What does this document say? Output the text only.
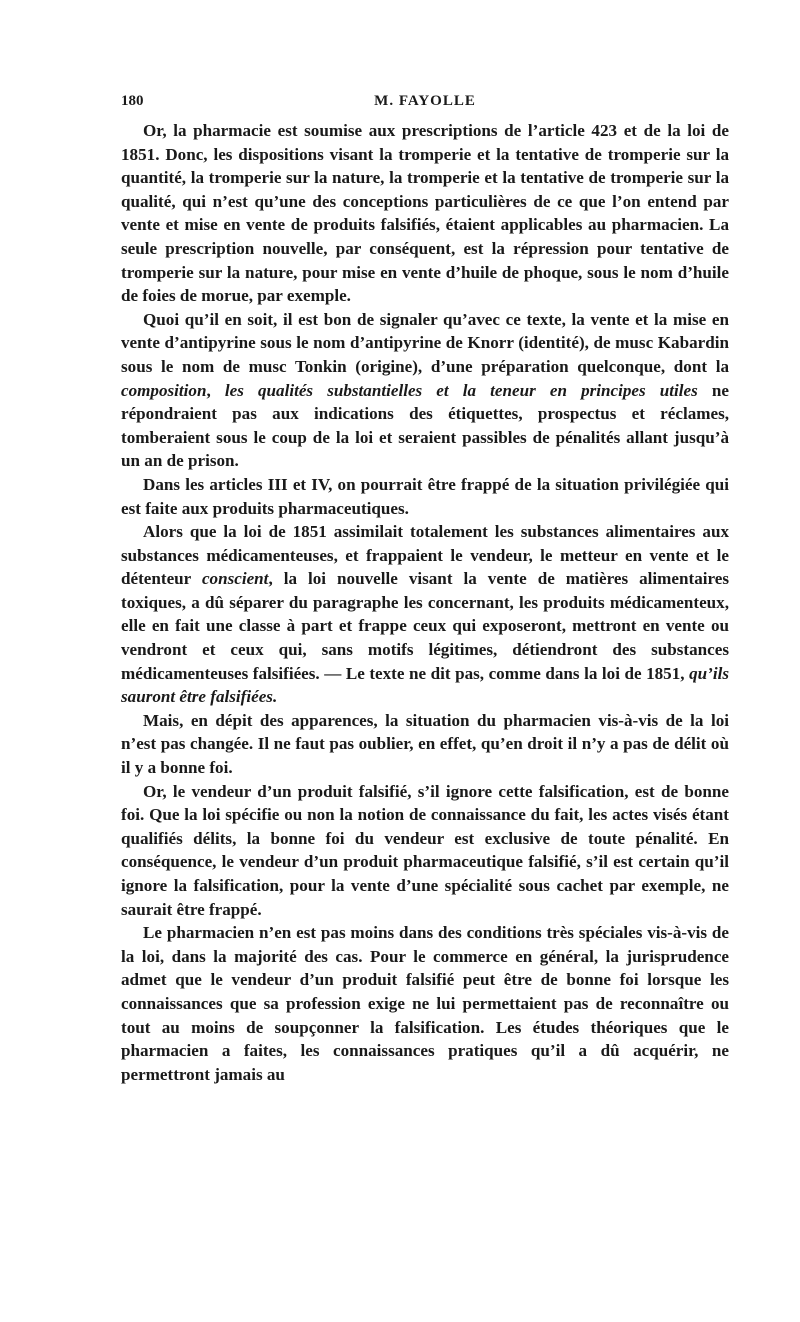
180	M. FAYOLLE

Or, la pharmacie est soumise aux prescriptions de l’article 423 et de la loi de 1851. Donc, les dispositions visant la tromperie et la tentative de tromperie sur la quantité, la tromperie sur la nature, la tromperie et la tentative de tromperie sur la qualité, qui n’est qu’une des conceptions particulières de ce que l’on entend par vente et mise en vente de produits falsifiés, étaient applicables au pharmacien. La seule prescription nouvelle, par conséquent, est la répression pour tentative de tromperie sur la nature, pour mise en vente d’huile de phoque, sous le nom d’huile de foies de morue, par exemple.

Quoi qu’il en soit, il est bon de signaler qu’avec ce texte, la vente et la mise en vente d’antipyrine sous le nom d’antipyrine de Knorr (identité), de musc Kabardin sous le nom de musc Tonkin (origine), d’une préparation quelconque, dont la composition, les qualités substantielles et la teneur en principes utiles ne répondraient pas aux indications des étiquettes, prospectus et réclames, tomberaient sous le coup de la loi et seraient passibles de pénalités allant jusqu’à un an de prison.

Dans les articles III et IV, on pourrait être frappé de la situation privilégiée qui est faite aux produits pharmaceutiques.

Alors que la loi de 1851 assimilait totalement les substances alimentaires aux substances médicamenteuses, et frappaient le vendeur, le metteur en vente et le détenteur conscient, la loi nouvelle visant la vente de matières alimentaires toxiques, a dû séparer du paragraphe les concernant, les produits médicamenteux, elle en fait une classe à part et frappe ceux qui exposeront, mettront en vente ou vendront et ceux qui, sans motifs légitimes, détiendront des substances médicamenteuses falsifiées. — Le texte ne dit pas, comme dans la loi de 1851, qu’ils sauront être falsifiées.

Mais, en dépit des apparences, la situation du pharmacien vis-à-vis de la loi n’est pas changée. Il ne faut pas oublier, en effet, qu’en droit il n’y a pas de délit où il y a bonne foi.

Or, le vendeur d’un produit falsifié, s’il ignore cette falsification, est de bonne foi. Que la loi spécifie ou non la notion de connaissance du fait, les actes visés étant qualifiés délits, la bonne foi du vendeur est exclusive de toute pénalité. En conséquence, le vendeur d’un produit pharmaceutique falsifié, s’il est certain qu’il ignore la falsification, pour la vente d’une spécialité sous cachet par exemple, ne saurait être frappé.

Le pharmacien n’en est pas moins dans des conditions très spéciales vis-à-vis de la loi, dans la majorité des cas. Pour le commerce en général, la jurisprudence admet que le vendeur d’un produit falsifié peut être de bonne foi lorsque les connaissances que sa profession exige ne lui permettaient pas de reconnaître ou tout au moins de soupçonner la falsification. Les études théoriques que le pharmacien a faites, les connaissances pratiques qu’il a dû acquérir, ne permettront jamais au
